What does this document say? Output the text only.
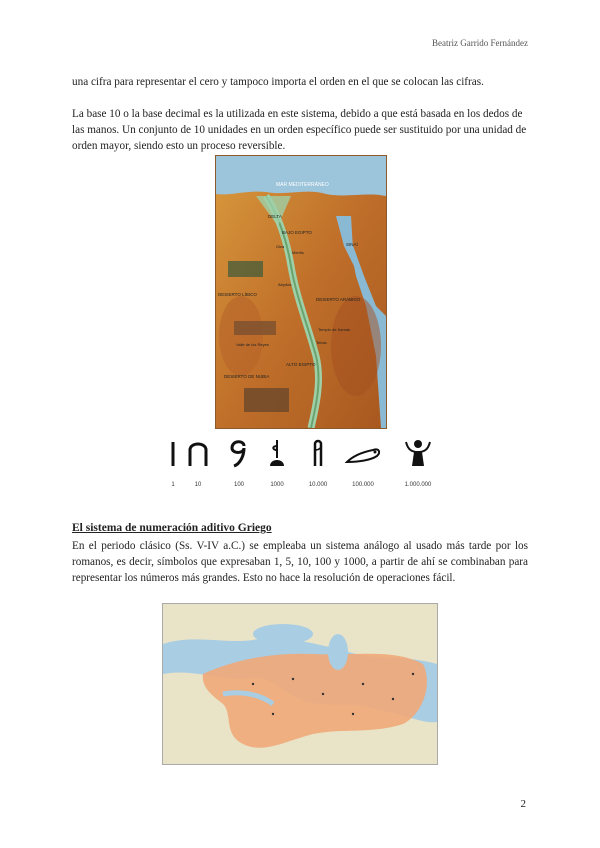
Beatriz Garrido Fernández

una cifra para representar el cero y tampoco importa el orden en el que se colocan las cifras.

La base 10 o la base decimal es la utilizada en este sistema, debido a que está basada en los dedos de las manos. Un conjunto de 10 unidades en un orden específico puede ser sustituido por una unidad de orden mayor, siendo esto un proceso reversible.

MAR MEDITERRÁNEO
DELTA
BAJO EGIPTO
SINAÍ
DESIERTO LÍBICO
DESIERTO ARÁBIGO
ALTO EGIPTO
DESIERTO DE NUBIA
Tebas
Menfis
Giza
Abydos
Templo de Karnak
Valle de los Reyes
1	10	100	1000	10.000	100.000	1.000.000
El sistema de numeración aditivo Griego

En el periodo clásico (Ss. V-IV a.C.) se empleaba un sistema análogo al usado más tarde por los romanos, es decir, símbolos que expresaban 1, 5, 10, 100 y 1000, a partir de ahí se combinaban para representar los números más grandes. Esto no hace la resolución de operaciones fácil.

2
